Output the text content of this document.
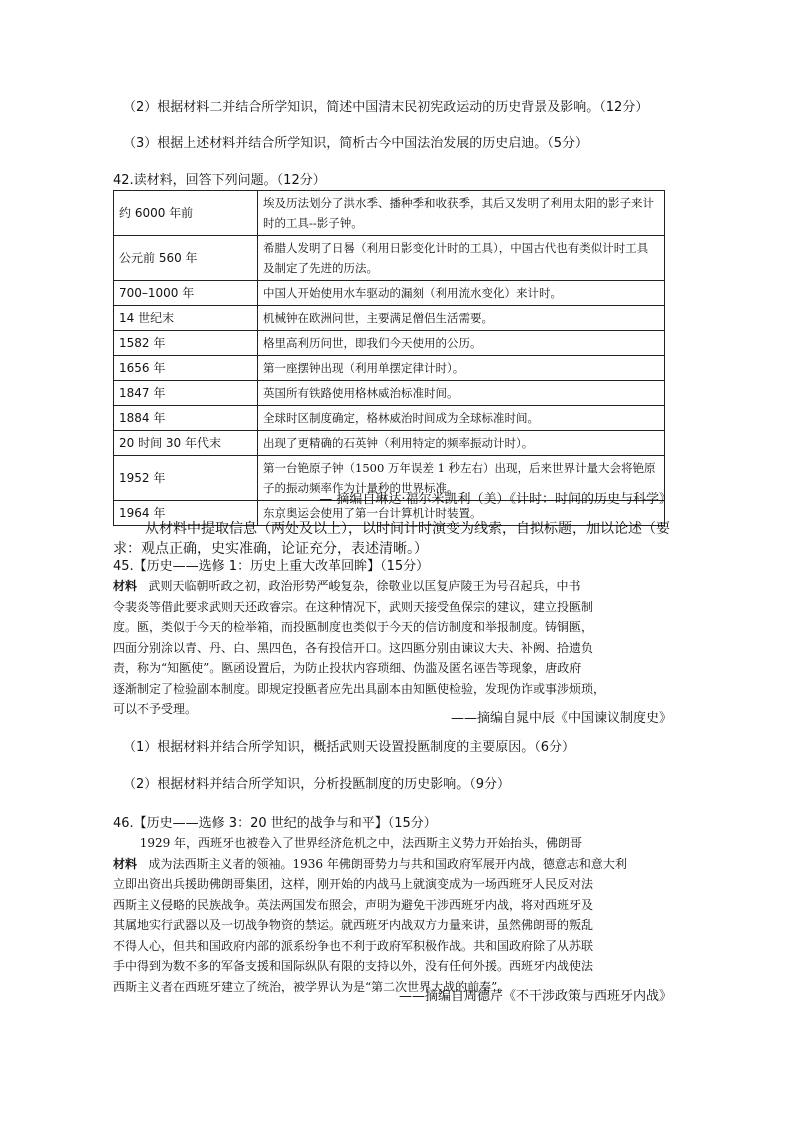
（2）根据材料二并结合所学知识，简述中国清末民初宪政运动的历史背景及影响。（12分）
（3）根据上述材料并结合所学知识，简析古今中国法治发展的历史启迪。（5分）
42.读材料，回答下列问题。（12分）
约 6000 年前	埃及历法划分了洪水季、播种季和收获季，其后又发明了利用太阳的影子来计时的工具--影子钟。
公元前 560 年	希腊人发明了日晷（利用日影变化计时的工具），中国古代也有类似计时工具及制定了先进的历法。
700–1000 年	中国人开始使用水车驱动的漏刻（利用流水变化）来计时。
14 世纪末	机械钟在欧洲问世，主要满足僧侣生活需要。
1582 年	格里高利历问世，即我们今天使用的公历。
1656 年	第一座摆钟出现（利用单摆定律计时）。
1847 年	英国所有铁路使用格林威治标准时间。
1884 年	全球时区制度确定，格林威治时间成为全球标准时间。
20 时间 30 年代末	出现了更精确的石英钟（利用特定的频率振动计时）。
1952 年	第一台铯原子钟（1500 万年误差 1 秒左右）出现，后来世界计量大会将铯原子的振动频率作为计量秒的世界标准。
1964 年	东京奥运会使用了第一台计算机计时装置。
— 摘编自琳达·福尔米凯利（美）《计时：时间的历史与科学》
从材料中提取信息（两处及以上），以时间计时演变为线索，自拟标题，加以论述（要
求：观点正确，史实准确，论证充分，表述清晰。）
45.【历史——选修 1：历史上重大改革回眸】（15分）

材料 武则天临朝听政之初，政治形势严峻复杂，徐敬业以匡复庐陵王为号召起兵，中书

令裴炎等借此要求武则天还政睿宗。在这种情况下，武则天接受鱼保宗的建议，建立投匦制

度。匦，类似于今天的检举箱，而投匦制度也类似于今天的信访制度和举报制度。铸铜匦，

四面分别涂以青、丹、白、黑四色，各有投信开口。这四匦分别由谏议大夫、补阙、拾遗负

责，称为“知匦使”。匦函设置后，为防止投状内容琐细、伪滥及匿名诬告等现象，唐政府

逐渐制定了检验副本制度。即规定投匦者应先出具副本由知匦使检验，发现伪诈或事涉烦琐，

可以不予受理。

——摘编自晁中辰《中国谏议制度史》
（1）根据材料并结合所学知识，概括武则天设置投匦制度的主要原因。（6分）
（2）根据材料并结合所学知识，分析投匦制度的历史影响。（9分）
46.【历史——选修 3：20 世纪的战争与和平】（15分）

1929 年，西班牙也被卷入了世界经济危机之中，法西斯主义势力开始抬头，佛朗哥

材料 成为法西斯主义者的领袖。1936 年佛朗哥势力与共和国政府军展开内战，德意志和意大利

立即出资出兵援助佛朗哥集团，这样，刚开始的内战马上就演变成为一场西班牙人民反对法

西斯主义侵略的民族战争。英法两国发布照会，声明为避免干涉西班牙内战，将对西班牙及

其属地实行武器以及一切战争物资的禁运。就西班牙内战双方力量来讲，虽然佛朗哥的叛乱

不得人心，但共和国政府内部的派系纷争也不利于政府军积极作战。共和国政府除了从苏联

手中得到为数不多的军备支援和国际纵队有限的支持以外，没有任何外援。西班牙内战使法

西斯主义者在西班牙建立了统治，被学界认为是“第二次世界大战的前奏”。

——摘编自周德芹《不干涉政策与西班牙内战》
